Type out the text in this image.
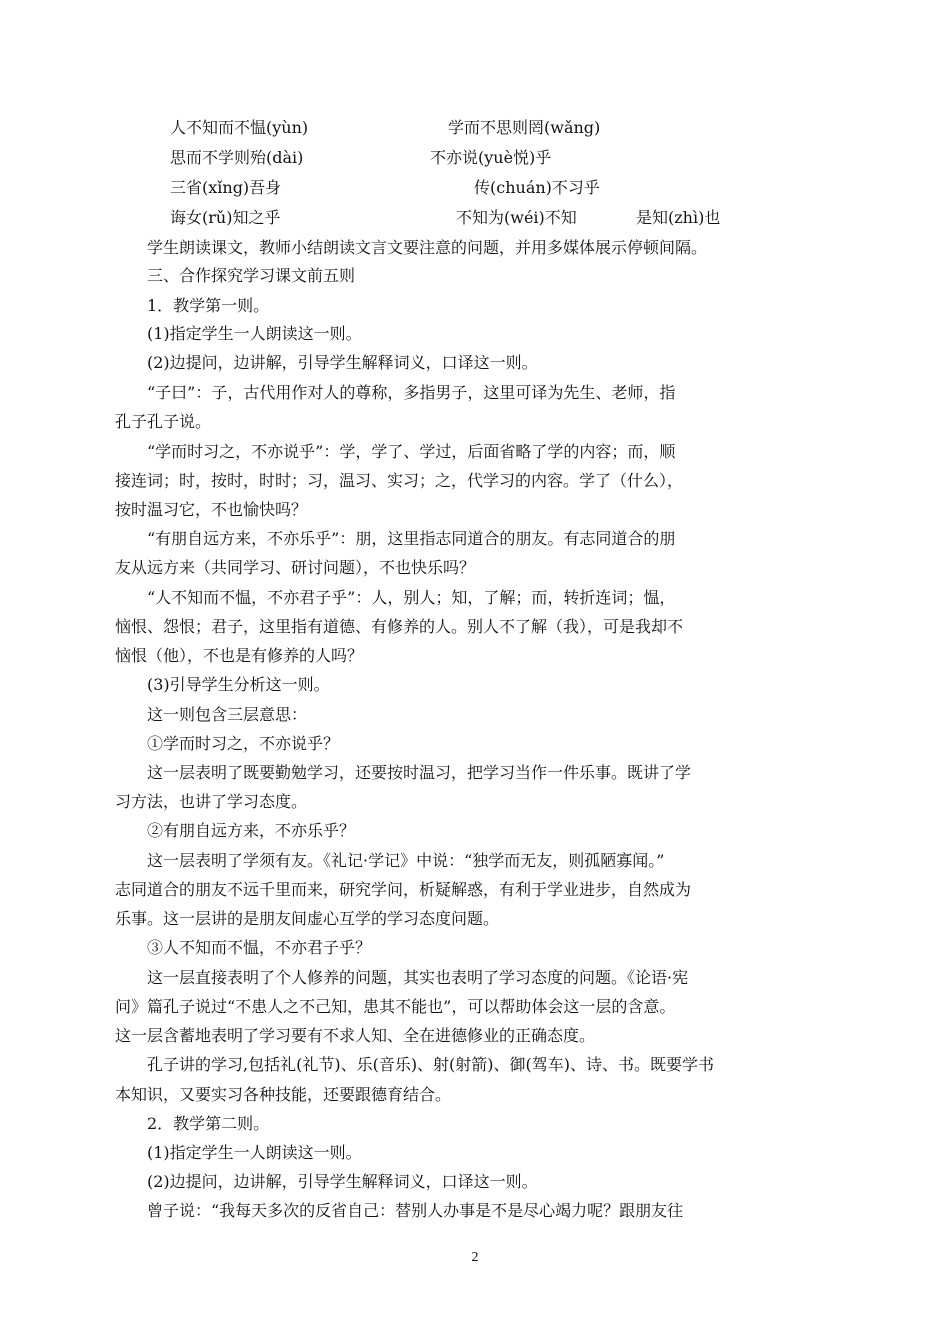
人不知而不愠(yùn)	学而不思则罔(wǎng)
思而不学则殆(dài)	不亦说(yuè悦)乎
三省(xǐng)吾身	传(chuán)不习乎
诲女(rǔ)知之乎	不知为(wéi)不知	是知(zhì)也
学生朗读课文，教师小结朗读文言文要注意的问题，并用多媒体展示停顿间隔。
三、合作探究学习课文前五则
1．教学第一则。
(1)指定学生一人朗读这一则。
(2)边提问，边讲解，引导学生解释词义，口译这一则。
“子曰”：子，古代用作对人的尊称，多指男子，这里可译为先生、老师，指
孔子孔子说。
“学而时习之，不亦说乎”：学，学了、学过，后面省略了学的内容；而，顺
接连词；时，按时，时时；习，温习、实习；之，代学习的内容。学了（什么），
按时温习它，不也愉快吗？
“有朋自远方来，不亦乐乎”：朋，这里指志同道合的朋友。有志同道合的朋
友从远方来（共同学习、研讨问题），不也快乐吗？
“人不知而不愠，不亦君子乎”：人，别人；知，了解；而，转折连词；愠，
恼恨、怨恨；君子，这里指有道德、有修养的人。别人不了解（我），可是我却不
恼恨（他），不也是有修养的人吗？
(3)引导学生分析这一则。
这一则包含三层意思：
①学而时习之，不亦说乎？
这一层表明了既要勤勉学习，还要按时温习，把学习当作一件乐事。既讲了学
习方法，也讲了学习态度。
②有朋自远方来，不亦乐乎？
这一层表明了学须有友。《礼记·学记》中说：“独学而无友，则孤陋寡闻。”
志同道合的朋友不远千里而来，研究学问，析疑解惑，有利于学业进步，自然成为
乐事。这一层讲的是朋友间虚心互学的学习态度问题。
③人不知而不愠，不亦君子乎？
这一层直接表明了个人修养的问题，其实也表明了学习态度的问题。《论语·宪
问》篇孔子说过“不患人之不己知，患其不能也”，可以帮助体会这一层的含意。
这一层含蓄地表明了学习要有不求人知、全在进德修业的正确态度。
孔子讲的学习,包括礼(礼节)、乐(音乐)、射(射箭)、御(驾车)、诗、书。既要学书
本知识，又要实习各种技能，还要跟德育结合。
2．教学第二则。
(1)指定学生一人朗读这一则。
(2)边提问，边讲解，引导学生解释词义，口译这一则。
曾子说：“我每天多次的反省自己：替别人办事是不是尽心竭力呢？跟朋友往
2
